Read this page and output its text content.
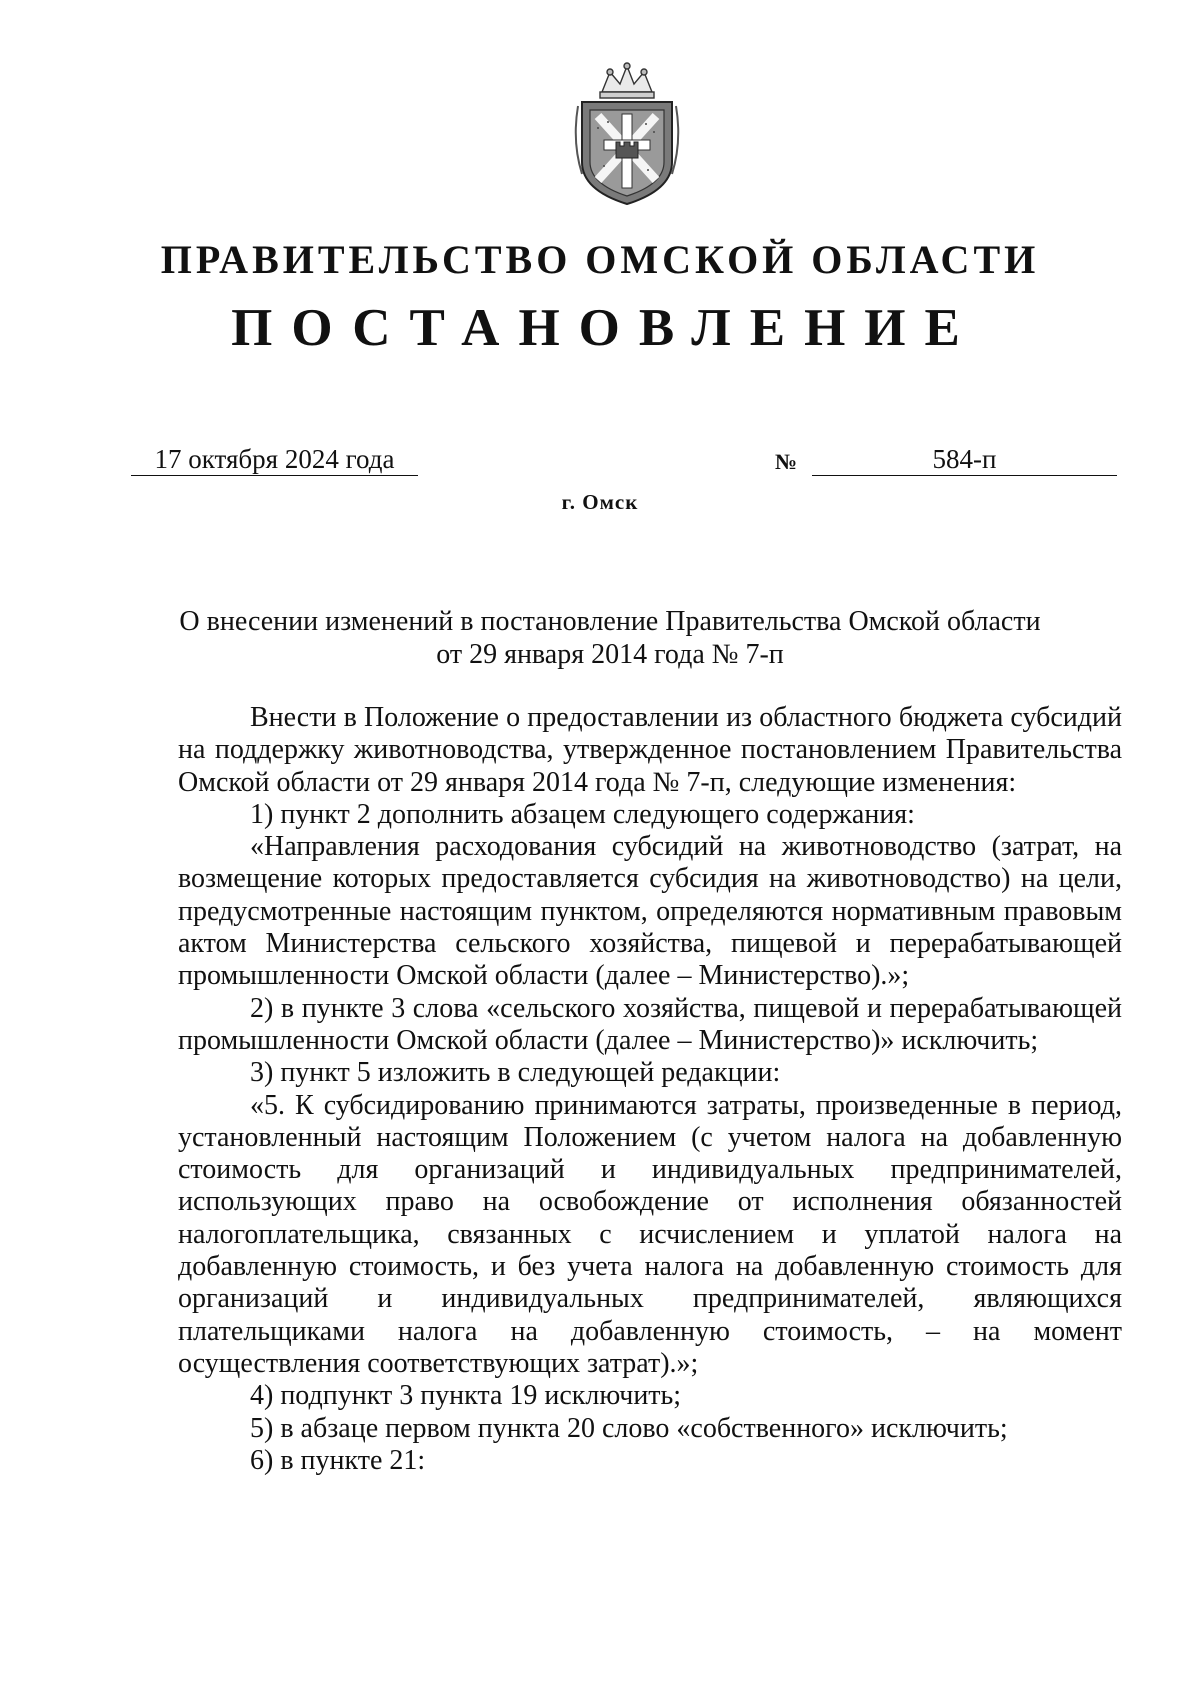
ПРАВИТЕЛЬСТВО ОМСКОЙ ОБЛАСТИ
ПОСТАНОВЛЕНИЕ
17 октября 2024 года	№	584-п
г. Омск
О внесении изменений в постановление Правительства Омской области
от 29 января 2014 года № 7-п

Внести в Положение о предоставлении из областного бюджета субсидий на поддержку животноводства, утвержденное постановлением Правительства Омской области от 29 января 2014 года № 7-п, следующие изменения:

1) пункт 2 дополнить абзацем следующего содержания:

«Направления расходования субсидий на животноводство (затрат, на возмещение которых предоставляется субсидия на животноводство) на цели, предусмотренные настоящим пунктом, определяются нормативным правовым актом Министерства сельского хозяйства, пищевой и перерабатывающей промышленности Омской области (далее – Министерство).»;

2) в пункте 3 слова «сельского хозяйства, пищевой и перерабатывающей промышленности Омской области (далее – Министерство)» исключить;

3) пункт 5 изложить в следующей редакции:

«5. К субсидированию принимаются затраты, произведенные в период, установленный настоящим Положением (с учетом налога на добавленную стоимость для организаций и индивидуальных предпринимателей, использующих право на освобождение от исполнения обязанностей налогоплательщика, связанных с исчислением и уплатой налога на добавленную стоимость, и без учета налога на добавленную стоимость для организаций и индивидуальных предпринимателей, являющихся плательщиками налога на добавленную стоимость, – на момент осуществления соответствующих затрат).»;

4) подпункт 3 пункта 19 исключить;

5) в абзаце первом пункта 20 слово «собственного» исключить;

6) в пункте 21:
